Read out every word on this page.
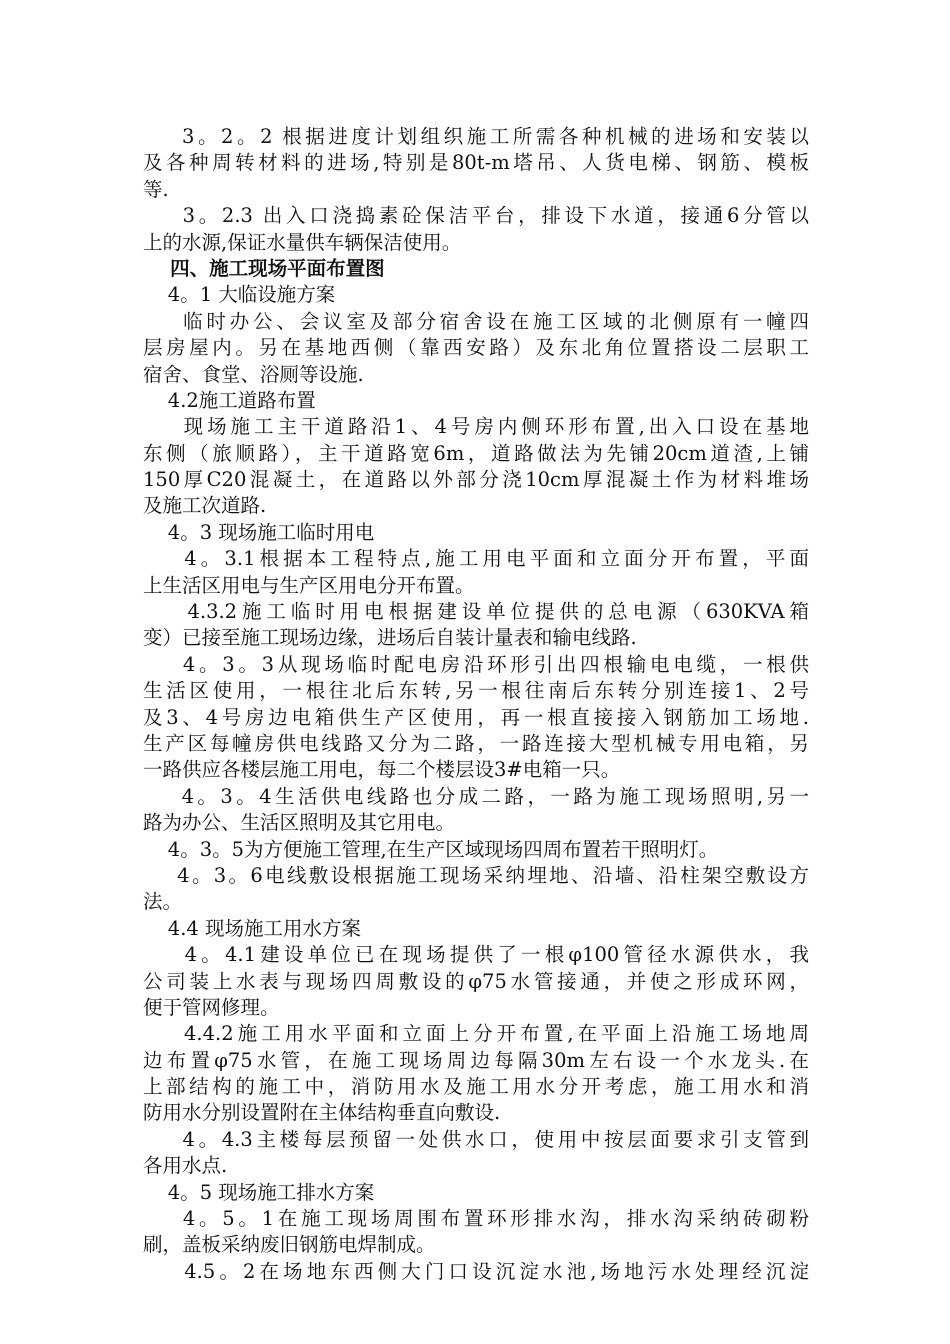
3。2。2 根据进度计划组织施工所需各种机械的进场和安装以
及各种周转材料的进场,特别是80t-m塔吊、人货电梯、钢筋、模板
等.
3。2.3 出入口浇捣素砼保洁平台，排设下水道，接通6分管以
上的水源,保证水量供车辆保洁使用。
四、施工现场平面布置图
4。1 大临设施方案
临时办公、会议室及部分宿舍设在施工区域的北侧原有一幢四
层房屋内。另在基地西侧（靠西安路）及东北角位置搭设二层职工
宿舍、食堂、浴厕等设施.
4.2施工道路布置
现场施工主干道路沿1、4号房内侧环形布置,出入口设在基地
东侧（旅顺路），主干道路宽6m，道路做法为先铺20cm道渣,上铺
150厚C20混凝土，在道路以外部分浇10cm厚混凝土作为材料堆场
及施工次道路.
4。3 现场施工临时用电
4。3.1根据本工程特点,施工用电平面和立面分开布置，平面
上生活区用电与生产区用电分开布置。
4.3.2施工临时用电根据建设单位提供的总电源（630KVA箱
变）已接至施工现场边缘，进场后自装计量表和输电线路.
4。3。3从现场临时配电房沿环形引出四根输电电缆，一根供
生活区使用，一根往北后东转,另一根往南后东转分别连接1、2号
及3、4号房边电箱供生产区使用，再一根直接接入钢筋加工场地.
生产区每幢房供电线路又分为二路，一路连接大型机械专用电箱，另
一路供应各楼层施工用电，每二个楼层设3#电箱一只。
4。3。4生活供电线路也分成二路，一路为施工现场照明,另一
路为办公、生活区照明及其它用电。
4。3。5为方便施工管理,在生产区域现场四周布置若干照明灯。
4。3。6电线敷设根据施工现场采纳埋地、沿墙、沿柱架空敷设方
法。
4.4 现场施工用水方案
4。4.1建设单位已在现场提供了一根φ100管径水源供水，我
公司装上水表与现场四周敷设的φ75水管接通，并使之形成环网，
便于管网修理。
4.4.2施工用水平面和立面上分开布置,在平面上沿施工场地周
边布置φ75水管，在施工现场周边每隔30m左右设一个水龙头.在
上部结构的施工中，消防用水及施工用水分开考虑，施工用水和消
防用水分别设置附在主体结构垂直向敷设.
4。4.3主楼每层预留一处供水口，使用中按层面要求引支管到
各用水点.
4。5 现场施工排水方案
4。5。1在施工现场周围布置环形排水沟，排水沟采纳砖砌粉
刷，盖板采纳废旧钢筋电焊制成。
4.5。2在场地东西侧大门口设沉淀水池,场地污水处理经沉淀
